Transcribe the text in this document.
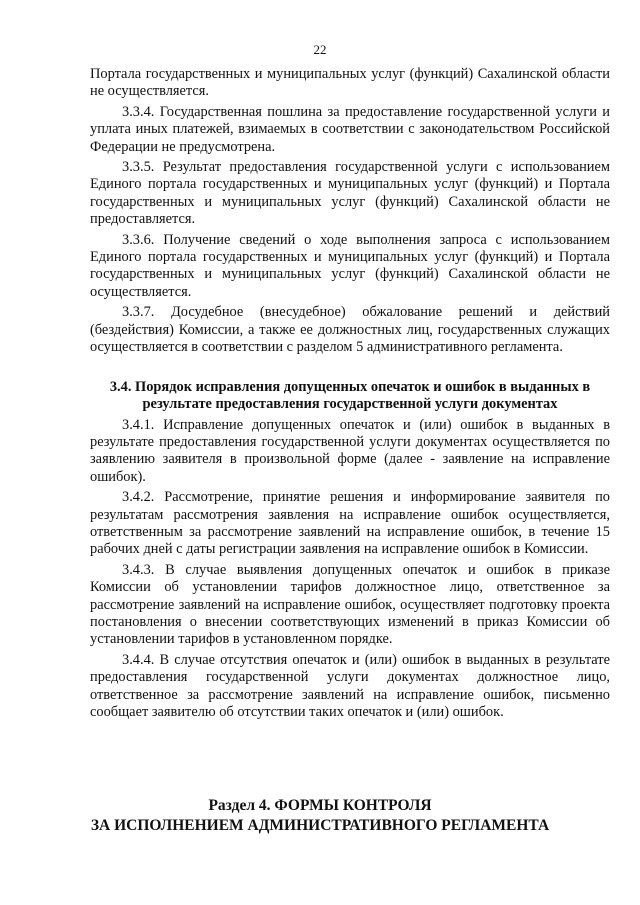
22

Портала государственных и муниципальных услуг (функций) Сахалинской области не осуществляется.

3.3.4. Государственная пошлина за предоставление государственной услуги и уплата иных платежей, взимаемых в соответствии с законодательством Российской Федерации не предусмотрена.

3.3.5. Результат предоставления государственной услуги с использованием Единого портала государственных и муниципальных услуг (функций) и Портала государственных и муниципальных услуг (функций) Сахалинской области не предоставляется.

3.3.6. Получение сведений о ходе выполнения запроса с использованием Единого портала государственных и муниципальных услуг (функций) и Портала государственных и муниципальных услуг (функций) Сахалинской области не осуществляется.

3.3.7. Досудебное (внесудебное) обжалование решений и действий (бездействия) Комиссии, а также ее должностных лиц, государственных служащих осуществляется в соответствии с разделом 5 административного регламента.

3.4. Порядок исправления допущенных опечаток и ошибок в выданных в результате предоставления государственной услуги документах

3.4.1. Исправление допущенных опечаток и (или) ошибок в выданных в результате предоставления государственной услуги документах осуществляется по заявлению заявителя в произвольной форме (далее - заявление на исправление ошибок).

3.4.2. Рассмотрение, принятие решения и информирование заявителя по результатам рассмотрения заявления на исправление ошибок осуществляется, ответственным за рассмотрение заявлений на исправление ошибок, в течение 15 рабочих дней с даты регистрации заявления на исправление ошибок в Комиссии.

3.4.3. В случае выявления допущенных опечаток и ошибок в приказе Комиссии об установлении тарифов должностное лицо, ответственное за рассмотрение заявлений на исправление ошибок, осуществляет подготовку проекта постановления о внесении соответствующих изменений в приказ Комиссии об установлении тарифов в установленном порядке.

3.4.4. В случае отсутствия опечаток и (или) ошибок в выданных в результате предоставления государственной услуги документах должностное лицо, ответственное за рассмотрение заявлений на исправление ошибок, письменно сообщает заявителю об отсутствии таких опечаток и (или) ошибок.

Раздел 4. ФОРМЫ КОНТРОЛЯ
ЗА ИСПОЛНЕНИЕМ АДМИНИСТРАТИВНОГО РЕГЛАМЕНТА
